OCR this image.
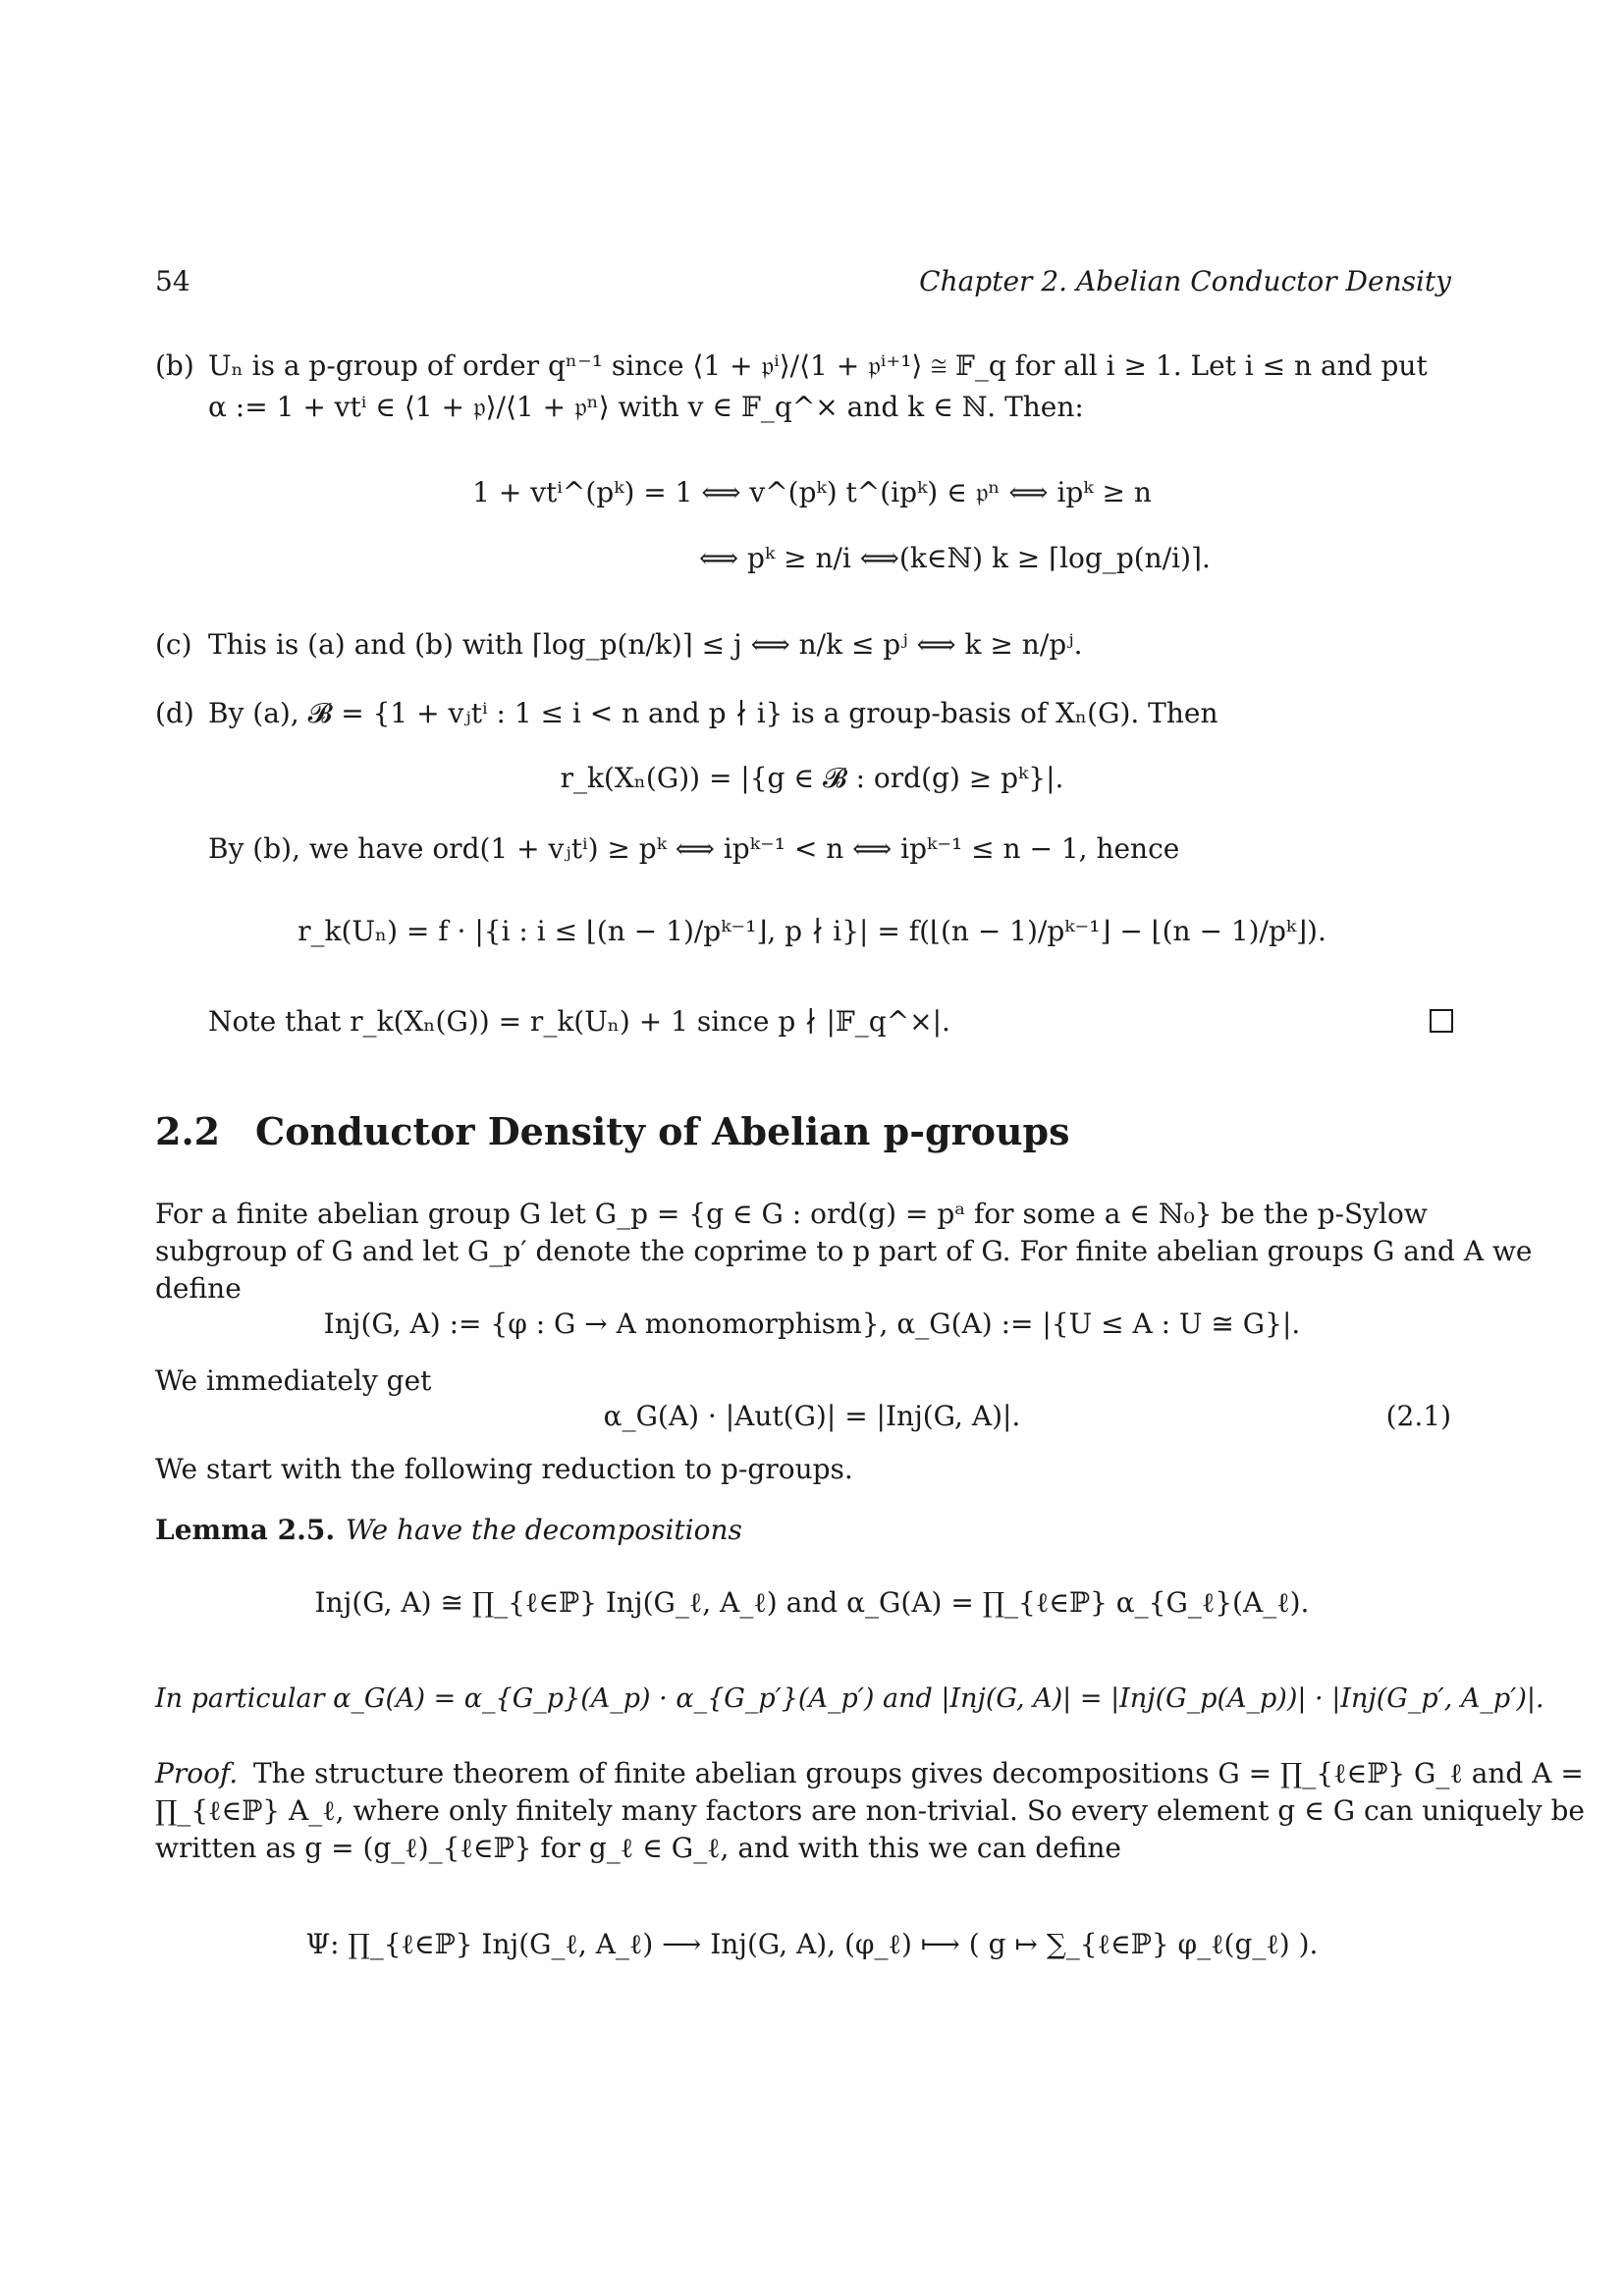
54	Chapter 2. Abelian Conductor Density
(b) Uₙ is a p-group of order qⁿ⁻¹ since ⟨1 + 𝔭ⁱ⟩/⟨1 + 𝔭ⁱ⁺¹⟩ ≅ 𝔽_q for all i ≥ 1. Let i ≤ n and put
α := 1 + vtⁱ ∈ ⟨1 + 𝔭⟩/⟨1 + 𝔭ⁿ⟩ with v ∈ 𝔽_q^× and k ∈ ℕ. Then:
1 + vtⁱ^(pᵏ) = 1 ⟺ v^(pᵏ) t^(ipᵏ) ∈ 𝔭ⁿ ⟺ ipᵏ ≥ n
⟺ pᵏ ≥ n/i ⟺(k∈ℕ) k ≥ ⌈log_p(n/i)⌉.
(c) This is (a) and (b) with ⌈log_p(n/k)⌉ ≤ j ⟺ n/k ≤ pʲ ⟺ k ≥ n/pʲ.
(d) By (a), 𝓑 = {1 + vⱼtⁱ : 1 ≤ i < n and p ∤ i} is a group-basis of Xₙ(G). Then
r_k(Xₙ(G)) = |{g ∈ 𝓑 : ord(g) ≥ pᵏ}|.
By (b), we have ord(1 + vⱼtⁱ) ≥ pᵏ ⟺ ipᵏ⁻¹ < n ⟺ ipᵏ⁻¹ ≤ n − 1, hence
r_k(Uₙ) = f · |{i : i ≤ ⌊(n − 1)/pᵏ⁻¹⌋, p ∤ i}| = f(⌊(n − 1)/pᵏ⁻¹⌋ − ⌊(n − 1)/pᵏ⌋).
Note that r_k(Xₙ(G)) = r_k(Uₙ) + 1 since p ∤ |𝔽_q^×|.
2.2 Conductor Density of Abelian p-groups
For a finite abelian group G let G_p = {g ∈ G : ord(g) = pᵃ for some a ∈ ℕ₀} be the p-Sylow
subgroup of G and let G_p′ denote the coprime to p part of G. For finite abelian groups G and A we
define
Inj(G, A) := {φ : G → A monomorphism}, α_G(A) := |{U ≤ A : U ≅ G}|.
We immediately get
α_G(A) · |Aut(G)| = |Inj(G, A)|.	(2.1)
We start with the following reduction to p-groups.
Lemma 2.5. We have the decompositions
Inj(G, A) ≅ ∏_{ℓ∈ℙ} Inj(G_ℓ, A_ℓ) and α_G(A) = ∏_{ℓ∈ℙ} α_{G_ℓ}(A_ℓ).
In particular α_G(A) = α_{G_p}(A_p) · α_{G_p′}(A_p′) and |Inj(G, A)| = |Inj(G_p(A_p))| · |Inj(G_p′, A_p′)|.
Proof. The structure theorem of finite abelian groups gives decompositions G = ∏_{ℓ∈ℙ} G_ℓ and A =
∏_{ℓ∈ℙ} A_ℓ, where only finitely many factors are non-trivial. So every element g ∈ G can uniquely be
written as g = (g_ℓ)_{ℓ∈ℙ} for g_ℓ ∈ G_ℓ, and with this we can define
Ψ: ∏_{ℓ∈ℙ} Inj(G_ℓ, A_ℓ) ⟶ Inj(G, A), (φ_ℓ) ⟼ ( g ↦ ∑_{ℓ∈ℙ} φ_ℓ(g_ℓ) ).
